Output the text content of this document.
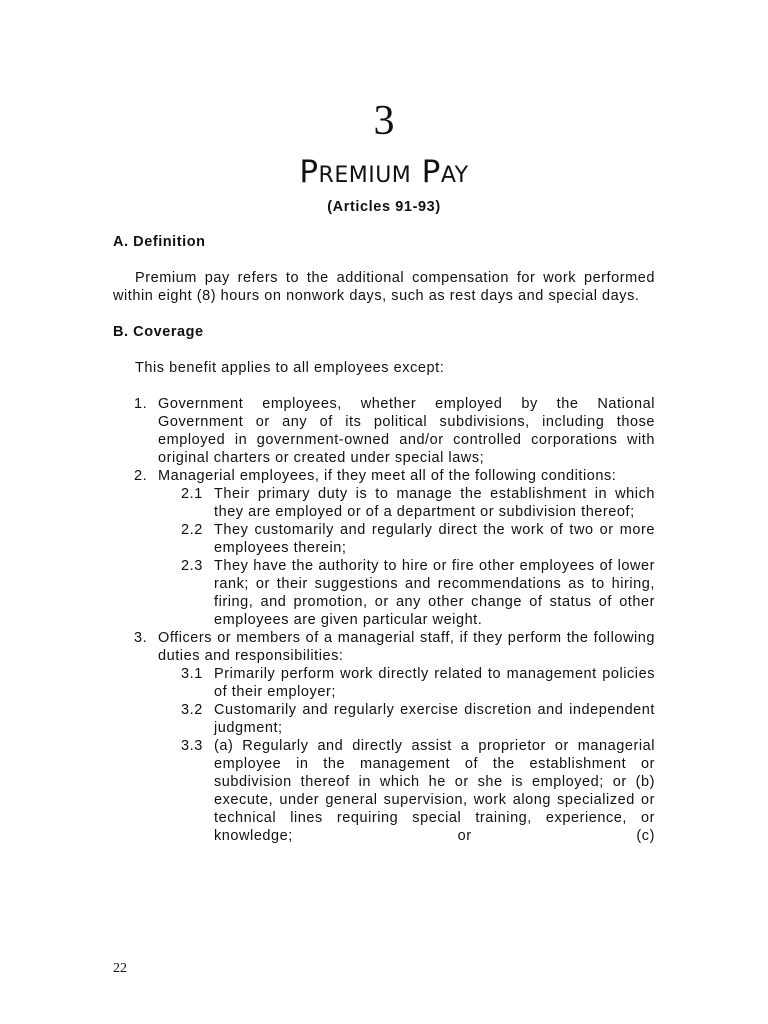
3
Premium Pay
(Articles 91-93)

A. Definition

Premium pay refers to the additional compensation for work performed within eight (8) hours on nonwork days, such as rest days and special days.

B. Coverage

This benefit applies to all employees except:

1. Government employees, whether employed by the National Government or any of its political subdivisions, including those employed in government-owned and/or controlled corporations with original charters or created under special laws;
2. Managerial employees, if they meet all of the following conditions:
2.1 Their primary duty is to manage the establishment in which they are employed or of a department or subdivision thereof;
2.2 They customarily and regularly direct the work of two or more employees therein;
2.3 They have the authority to hire or fire other employees of lower rank; or their suggestions and recommendations as to hiring, firing, and promotion, or any other change of status of other employees are given particular weight.
3. Officers or members of a managerial staff, if they perform the following duties and responsibilities:
3.1 Primarily perform work directly related to management policies of their employer;
3.2 Customarily and regularly exercise discretion and independent judgment;
3.3 (a) Regularly and directly assist a proprietor or managerial employee in the management of the establishment or subdivision thereof in which he or she is employed; or (b) execute, under general supervision, work along specialized or technical lines requiring special training, experience, or knowledge; or (c)
22
